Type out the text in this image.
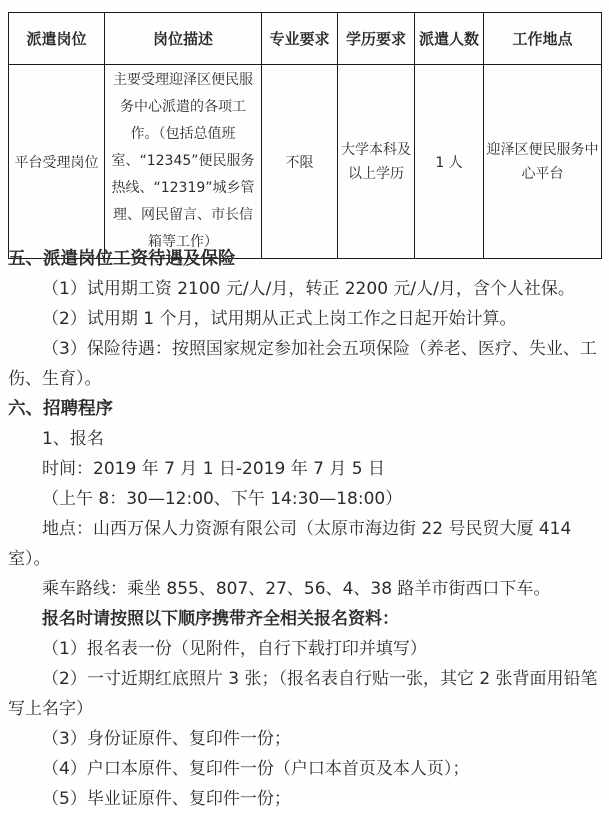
派遣岗位	岗位描述	专业要求	学历要求	派遣人数	工作地点
平台受理岗位	主要受理迎泽区便民服务中心派遣的各项工作。（包括总值班室、“12345”便民服务热线、“12319”城乡管理、网民留言、市长信箱等工作）	不限	大学本科及以上学历	1 人	迎泽区便民服务中心平台

五、派遣岗位工资待遇及保险

（1）试用期工资 2100 元/人/月，转正 2200 元/人/月，含个人社保。

（2）试用期 1 个月，试用期从正式上岗工作之日起开始计算。

（3）保险待遇：按照国家规定参加社会五项保险（养老、医疗、失业、工伤、生育）。

六、招聘程序

1、报名

时间：2019 年 7 月 1 日-2019 年 7 月 5 日

（上午 8：30—12:00、下午 14:30—18:00）

地点：山西万保人力资源有限公司（太原市海边街 22 号民贸大厦 414 室）。

乘车路线：乘坐 855、807、27、56、4、38 路羊市街西口下车。

报名时请按照以下顺序携带齐全相关报名资料：

（1）报名表一份（见附件，自行下载打印并填写）

（2）一寸近期红底照片 3 张；（报名表自行贴一张，其它 2 张背面用铅笔写上名字）

（3）身份证原件、复印件一份；

（4）户口本原件、复印件一份（户口本首页及本人页）；

（5）毕业证原件、复印件一份；
